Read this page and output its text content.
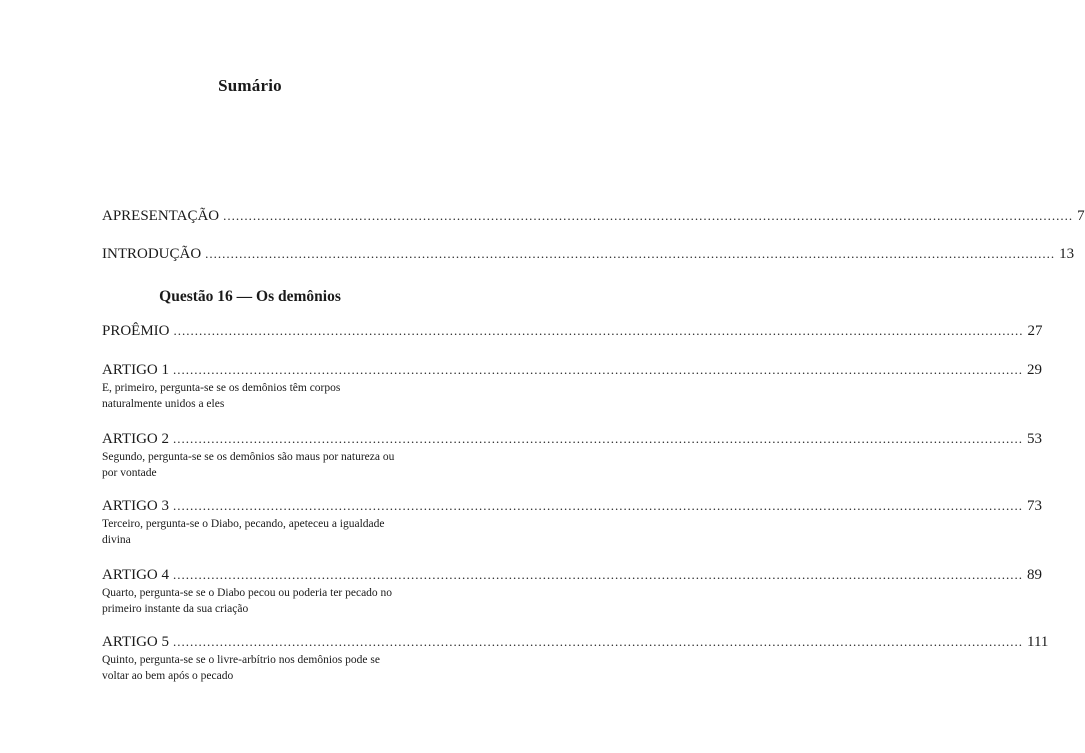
Sumário
APRESENTAÇÃO ........................................................................................................................................................................................................ 7
INTRODUÇÃO ........................................................................................................................................................................................................ 13
Questão 16 — Os demônios
PROÊMIO ........................................................................................................................................................................................................ 27
ARTIGO 1 ........................................................................................................................................................................................................ 29
E, primeiro, pergunta-se se os demônios têm corpos naturalmente unidos a eles
ARTIGO 2 ........................................................................................................................................................................................................ 53
Segundo, pergunta-se se os demônios são maus por natureza ou por vontade
ARTIGO 3 ........................................................................................................................................................................................................ 73
Terceiro, pergunta-se o Diabo, pecando, apeteceu a igualdade divina
ARTIGO 4 ........................................................................................................................................................................................................ 89
Quarto, pergunta-se se o Diabo pecou ou poderia ter pecado no primeiro instante da sua criação
ARTIGO 5 ........................................................................................................................................................................................................ 111
Quinto, pergunta-se se o livre-arbítrio nos demônios pode se voltar ao bem após o pecado
